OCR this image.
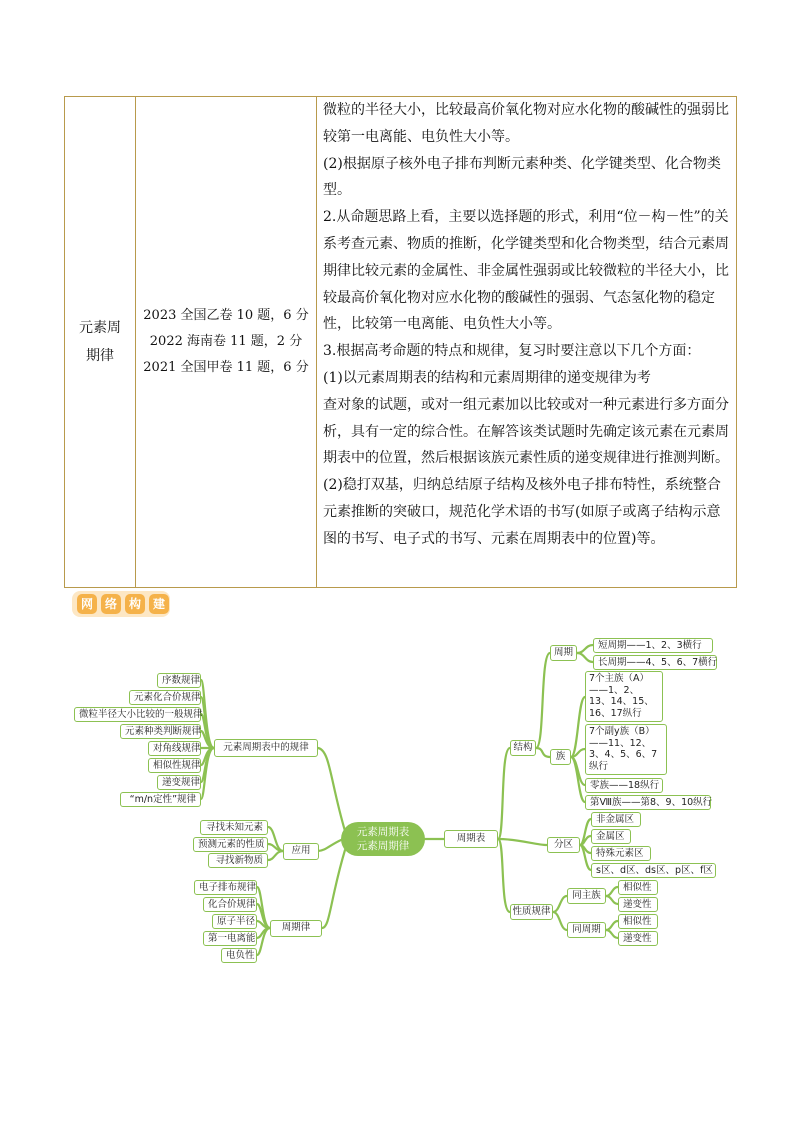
元素周期律	
2023 全国乙卷 10 题，6 分
2022 海南卷 11 题，2 分
2021 全国甲卷 11 题，6 分

微粒的半径大小，比较最高价氧化物对应水化物的酸碱性的强弱比较第一电离能、电负性大小等。

(2)根据原子核外电子排布判断元素种类、化学键类型、化合物类型。

2.从命题思路上看，主要以选择题的形式，利用“位－构－性”的关系考查元素、物质的推断，化学键类型和化合物类型，结合元素周期律比较元素的金属性、非金属性强弱或比较微粒的半径大小，比较最高价氧化物对应水化物的酸碱性的强弱、气态氢化物的稳定性，比较第一电离能、电负性大小等。

3.根据高考命题的特点和规律，复习时要注意以下几个方面：

(1)以元素周期表的结构和元素周期律的递变规律为考

查对象的试题，或对一组元素加以比较或对一种元素进行多方面分析，具有一定的综合性。在解答该类试题时先确定该元素在元素周期表中的位置，然后根据该族元素性质的递变规律进行推测判断。

(2)稳打双基，归纳总结原子结构及核外电子排布特性，系统整合元素推断的突破口，规范化学术语的书写(如原子或离子结构示意图的书写、电子式的书写、元素在周期表中的位置)等。

网 络 构 建
元素周期表
元素周期律
元素周期表中的规律
序数规律
元素化合价规律
微粒半径大小比较的一般规律
元素种类判断规律
对角线规律
相似性规律
递变规律
“m/n定性”规律
应用
寻找未知元素
预测元素的性质
寻找新物质
周期律
电子排布规律
化合价规律
原子半径
第一电离能
电负性
周期表
结构
周期
短周期——1、2、3横行
长周期——4、5、6、7横行
族
7个主族（A）——1、2、13、14、15、16、17纵行
7个副y族（B）——11、12、3、4、5、6、7纵行
零族——18纵行
第Ⅷ族——第8、9、10纵行
分区
非金属区
金属区
特殊元素区
s区、d区、ds区、p区、f区
性质规律
同主族
相似性
递变性
同周期
相似性
递变性
